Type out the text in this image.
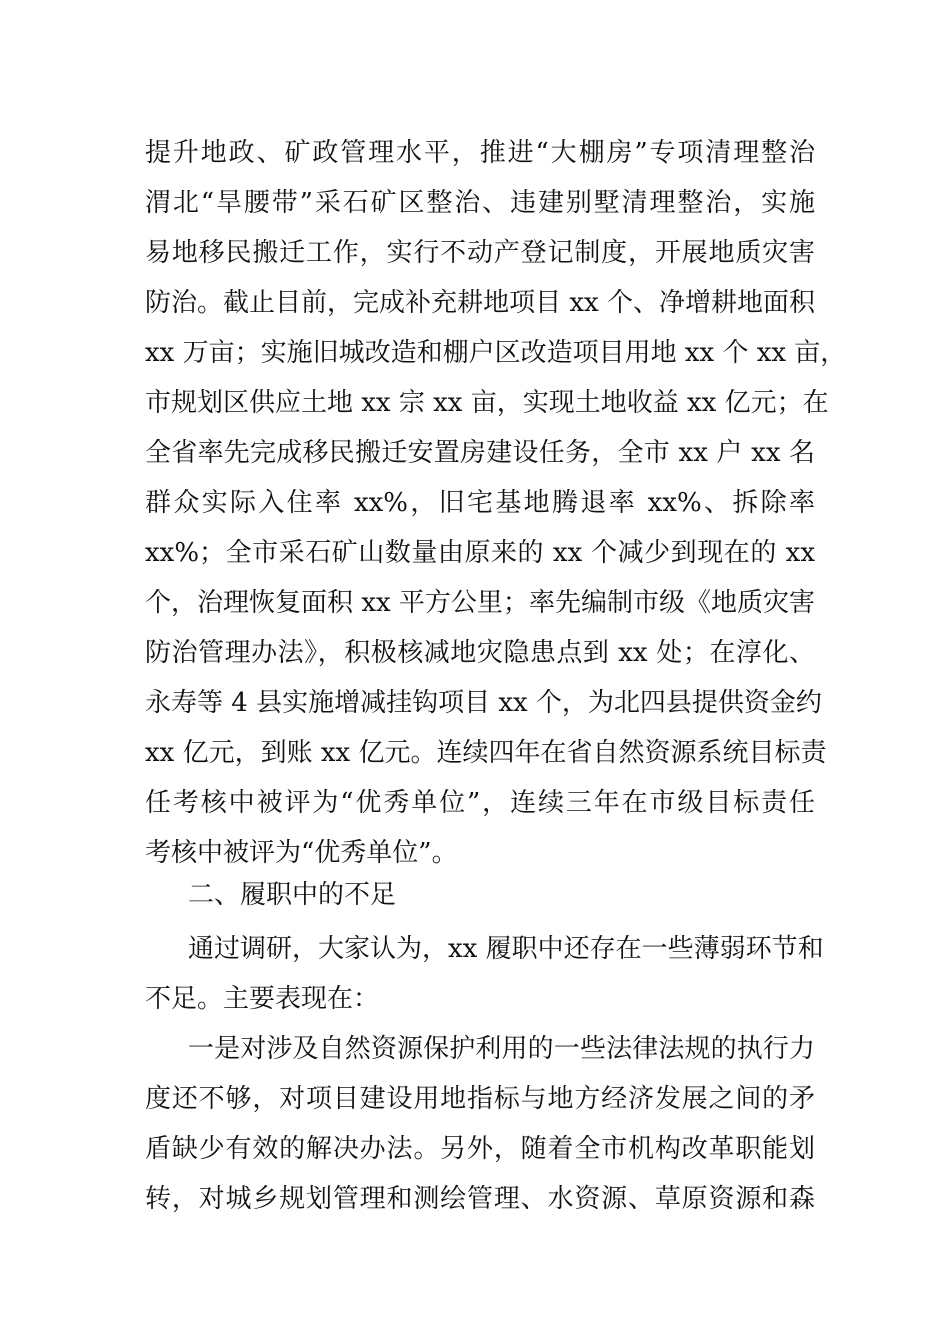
提升地政、矿政管理水平，推进“大棚房”专项清理整治
渭北“旱腰带”采石矿区整治、违建别墅清理整治，实施
易地移民搬迁工作，实行不动产登记制度，开展地质灾害
防治。截止目前，完成补充耕地项目 xx 个、净增耕地面积
xx 万亩；实施旧城改造和棚户区改造项目用地 xx 个 xx 亩，
市规划区供应土地 xx 宗 xx 亩，实现土地收益 xx 亿元；在
全省率先完成移民搬迁安置房建设任务，全市 xx 户 xx 名
群众实际入住率 xx%，旧宅基地腾退率 xx%、拆除率
xx%；全市采石矿山数量由原来的 xx 个减少到现在的 xx
个，治理恢复面积 xx 平方公里；率先编制市级《地质灾害
防治管理办法》，积极核减地灾隐患点到 xx 处；在淳化、
永寿等 4 县实施增减挂钩项目 xx 个，为北四县提供资金约
xx 亿元，到账 xx 亿元。连续四年在省自然资源系统目标责
任考核中被评为“优秀单位”，连续三年在市级目标责任
考核中被评为“优秀单位”。
二、履职中的不足
通过调研，大家认为，xx 履职中还存在一些薄弱环节和
不足。主要表现在：
一是对涉及自然资源保护利用的一些法律法规的执行力
度还不够，对项目建设用地指标与地方经济发展之间的矛
盾缺少有效的解决办法。另外，随着全市机构改革职能划
转，对城乡规划管理和测绘管理、水资源、草原资源和森
